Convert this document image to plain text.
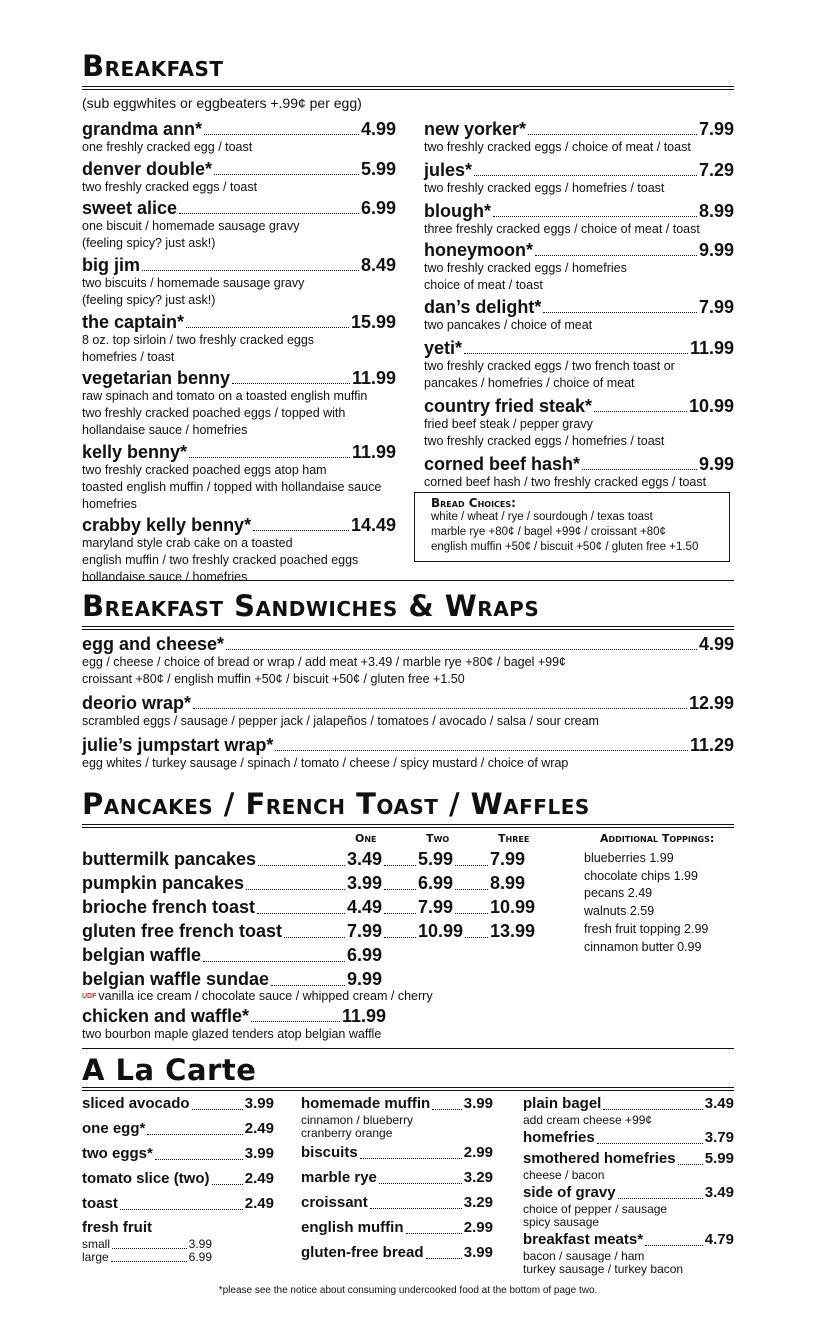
Breakfast
(sub eggwhites or eggbeaters +.99¢ per egg)
grandma ann*	4.99
one freshly cracked egg / toast
denver double*	5.99
two freshly cracked eggs / toast
sweet alice	6.99
one biscuit / homemade sausage gravy
(feeling spicy? just ask!)
big jim	8.49
two biscuits / homemade sausage gravy
(feeling spicy? just ask!)
the captain*	15.99
8 oz. top sirloin / two freshly cracked eggs
homefries / toast
vegetarian benny	11.99
raw spinach and tomato on a toasted english muffin
two freshly cracked poached eggs / topped with
hollandaise sauce / homefries
kelly benny*	11.99
two freshly cracked poached eggs atop ham
toasted english muffin / topped with hollandaise sauce
homefries
crabby kelly benny*	14.49
maryland style crab cake on a toasted
english muffin / two freshly cracked poached eggs
hollandaise sauce / homefries
new yorker*	7.99
two freshly cracked eggs / choice of meat / toast
jules*	7.29
two freshly cracked eggs / homefries / toast
blough*	8.99
three freshly cracked eggs / choice of meat / toast
honeymoon*	9.99
two freshly cracked eggs / homefries
choice of meat / toast
dan’s delight*	7.99
two pancakes / choice of meat
yeti*	11.99
two freshly cracked eggs / two french toast or
pancakes / homefries / choice of meat
country fried steak*	10.99
fried beef steak / pepper gravy
two freshly cracked eggs / homefries / toast
corned beef hash*	9.99
corned beef hash / two freshly cracked eggs / toast
Bread Choices:
white / wheat / rye / sourdough / texas toast
marble rye +80¢ / bagel +99¢ / croissant +80¢
english muffin +50¢ / biscuit +50¢ / gluten free +1.50
Breakfast Sandwiches & Wraps
egg and cheese*	4.99
egg / cheese / choice of bread or wrap / add meat +3.49 / marble rye +80¢ / bagel +99¢
croissant +80¢ / english muffin +50¢ / biscuit +50¢ / gluten free +1.50
deorio wrap*	12.99
scrambled eggs / sausage / pepper jack / jalapeños / tomatoes / avocado / salsa / sour cream
julie’s jumpstart wrap*	11.29
egg whites / turkey sausage / spinach / tomato / cheese / spicy mustard / choice of wrap
Pancakes / French Toast / Waffles
One	Two	Three
buttermilk pancakes	3.49 5.99 7.99
pumpkin pancakes	3.99 6.99 8.99
brioche french toast	4.49 7.99 10.99
gluten free french toast	7.99 10.99 13.99
belgian waffle	6.99
belgian waffle sundae	9.99
UDF vanilla ice cream / chocolate sauce / whipped cream / cherry
chicken and waffle*	11.99
two bourbon maple glazed tenders atop belgian waffle
Additional Toppings:
blueberries 1.99
chocolate chips 1.99
pecans 2.49
walnuts 2.59
fresh fruit topping 2.99
cinnamon butter 0.99
A La Carte
sliced avocado	3.99
one egg*	2.49
two eggs*	3.99
tomato slice (two) 2.49
toast	2.49
fresh fruit
small	3.99
large	6.99
homemade muffin 3.99
cinnamon / blueberry
cranberry orange
biscuits	2.99
marble rye	3.29
croissant	3.29
english muffin	2.99
gluten-free bread	3.99
plain bagel	3.49
add cream cheese +99¢
homefries	3.79
smothered homefries 5.99
cheese / bacon
side of gravy	3.49
choice of pepper / sausage
spicy sausage
breakfast meats*	4.79
bacon / sausage / ham
turkey sausage / turkey bacon
*please see the notice about consuming undercooked food at the bottom of page two.
